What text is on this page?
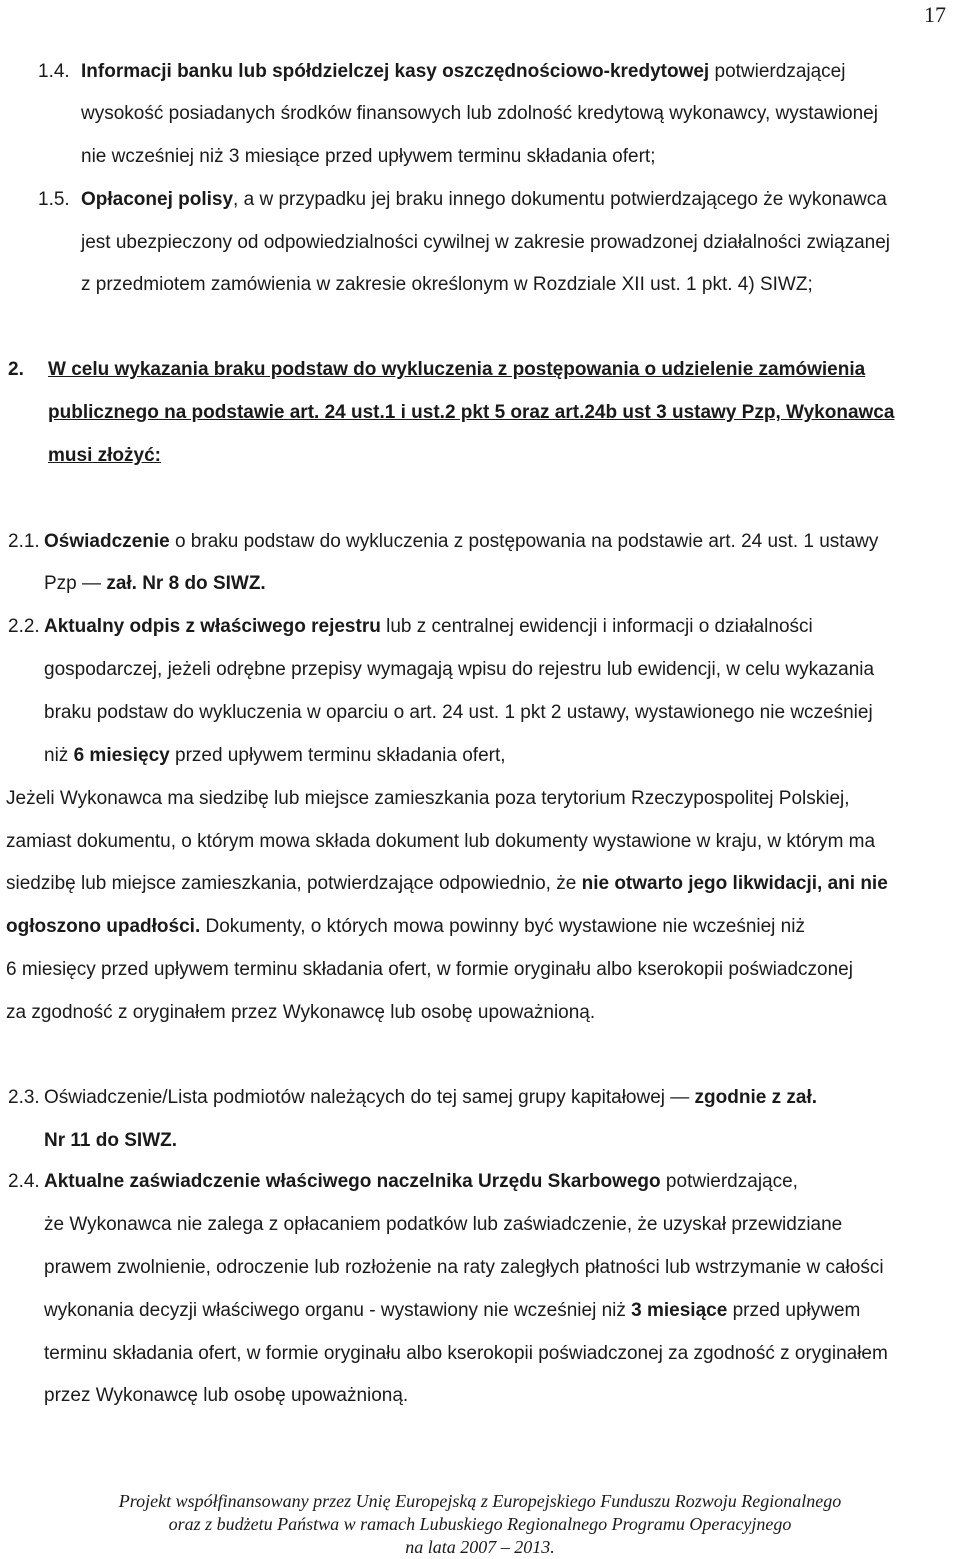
17
1.4. Informacji banku lub spółdzielczej kasy oszczędnościowo-kredytowej potwierdzającej
wysokość posiadanych środków finansowych lub zdolność kredytową wykonawcy, wystawionej
nie wcześniej niż 3 miesiące przed upływem terminu składania ofert;
1.5. Opłaconej polisy, a w przypadku jej braku innego dokumentu potwierdzającego że wykonawca
jest ubezpieczony od odpowiedzialności cywilnej w zakresie prowadzonej działalności związanej
z przedmiotem zamówienia w zakresie określonym w Rozdziale XII ust. 1 pkt. 4) SIWZ;
2. W celu wykazania braku podstaw do wykluczenia z postępowania o udzielenie zamówienia
publicznego na podstawie art. 24 ust.1 i ust.2 pkt 5 oraz art.24b ust 3 ustawy Pzp, Wykonawca
musi złożyć:
2.1. Oświadczenie o braku podstaw do wykluczenia z postępowania na podstawie art. 24 ust. 1 ustawy
Pzp — zał. Nr 8 do SIWZ.
2.2. Aktualny odpis z właściwego rejestru lub z centralnej ewidencji i informacji o działalności
gospodarczej, jeżeli odrębne przepisy wymagają wpisu do rejestru lub ewidencji, w celu wykazania
braku podstaw do wykluczenia w oparciu o art. 24 ust. 1 pkt 2 ustawy, wystawionego nie wcześniej
niż 6 miesięcy przed upływem terminu składania ofert,
Jeżeli Wykonawca ma siedzibę lub miejsce zamieszkania poza terytorium Rzeczypospolitej Polskiej,
zamiast dokumentu, o którym mowa składa dokument lub dokumenty wystawione w kraju, w którym ma
siedzibę lub miejsce zamieszkania, potwierdzające odpowiednio, że nie otwarto jego likwidacji, ani nie
ogłoszono upadłości. Dokumenty, o których mowa powinny być wystawione nie wcześniej niż
6 miesięcy przed upływem terminu składania ofert, w formie oryginału albo kserokopii poświadczonej
za zgodność z oryginałem przez Wykonawcę lub osobę upoważnioną.
2.3. Oświadczenie/Lista podmiotów należących do tej samej grupy kapitałowej — zgodnie z zał.
Nr 11 do SIWZ.
2.4. Aktualne zaświadczenie właściwego naczelnika Urzędu Skarbowego potwierdzające,
że Wykonawca nie zalega z opłacaniem podatków lub zaświadczenie, że uzyskał przewidziane
prawem zwolnienie, odroczenie lub rozłożenie na raty zaległych płatności lub wstrzymanie w całości
wykonania decyzji właściwego organu - wystawiony nie wcześniej niż 3 miesiące przed upływem
terminu składania ofert, w formie oryginału albo kserokopii poświadczonej za zgodność z oryginałem
przez Wykonawcę lub osobę upoważnioną.
Projekt współfinansowany przez Unię Europejską z Europejskiego Funduszu Rozwoju Regionalnego
oraz z budżetu Państwa w ramach Lubuskiego Regionalnego Programu Operacyjnego
na lata 2007 – 2013.
